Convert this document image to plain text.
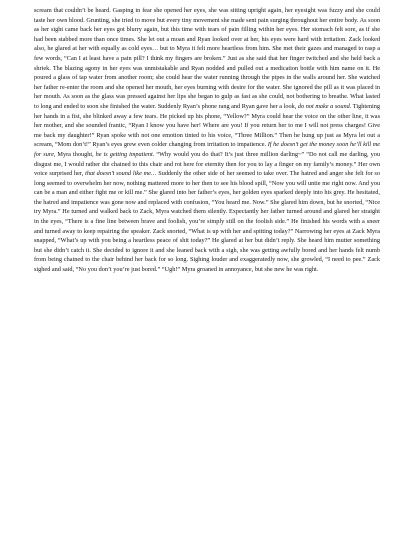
scream that couldn’t be heard. Gasping in fear she opened her eyes, she was sitting upright again, her eyesight was fuzzy and she could taste her own blood. Grunting, she tried to move but every tiny movement she made sent pain surging throughout her entire body. As soon as her sight came back her eyes got blurry again, but this time with tears of pain filling within her eyes. Her stomach felt sore, as if she had been stabbed more than once times. She let out a moan and Ryan looked over at her, his eyes were hard with irritation. Zack looked also, he glared at her with equally as cold eyes… but to Myra it felt more heartless from him. She met their gazes and managed to rasp a few words, “Can I at least have a pain pill? I think my fingers are broken.” Just as she said that her finger twitched and she held back a shriek. The blazing agony in her eyes was unmistakable and Ryan nodded and pulled out a medication bottle with him name on it. He poured a glass of tap water from another room; she could hear the water running through the pipes in the walls around her. She watched her father re-enter the room and she opened her mouth, her eyes burning with desire for the water. She ignored the pill as it was placed in her mouth. As soon as the glass was pressed against her lips she began to gulp as fast as she could, not bothering to breathe. What lasted to long and ended to soon she finished the water. Suddenly Ryan’s phone rang and Ryan gave her a look, do not make a sound. Tightening her hands in a fist, she blinked away a few tears. He picked up his phone, “Yellow?” Myra could hear the voice on the other line, it was her mother, and she sounded frantic, “Ryan I know you have her! Where are you! If you return her to me I will not press charges! Give me back my daughter!” Ryan spoke with not one emotion tinted to his voice, “Three Million.” Then he hung up just as Myra let out a scream, “Mom don’t!” Ryan’s eyes grew even colder changing from irritation to impatience. If he doesn’t get the money soon he’ll kill me for sure, Myra thought, he is getting impatient. “Why would you do that? It’s just three million darling~” “Do not call me darling, you disgust me, I would rather die chained to this chair and rot here for eternity then for you to lay a finger on my family’s money.” Her own voice surprised her, that doesn’t sound like me… Suddenly the other side of her seemed to take over. The hatred and anger she felt for so long seemed to overwhelm her now, nothing mattered more to her then to see his blood spill, “Now you will untie me right now. And you can be a man and either fight me or kill me.” She glared into her father’s eyes, her golden eyes sparked deeply into his grey. He hesitated, the hatred and impatience was gone now and replaced with confusion, “You heard me. Now.” She glared him down, but he snorted, “Nice try Myra.” He turned and walked back to Zack, Myra watched them silently. Expectantly her father turned around and glared her straight in the eyes, “There is a fine line between brave and foolish, you’re simply still on the foolish side.” He finished his words with a sneer and turned away to keep repairing the speaker. Zack snorted, “What is up with her and spitting today?” Narrowing her eyes at Zack Myra snapped, “What’s up with you being a heartless peace of shit today?” He glared at her but didn’t reply. She heard him mutter something but she didn’t catch it. She decided to ignore it and she leaned back with a sigh, she was getting awfully bored and her hands felt numb from being chained to the chair behind her back for so long. Sighing louder and exaggeratedly now, she growled, “I need to pee.” Zack sighed and said, “No you don’t you’re just bored.” “Ugh!” Myra groaned in annoyance, but she new he was right.
